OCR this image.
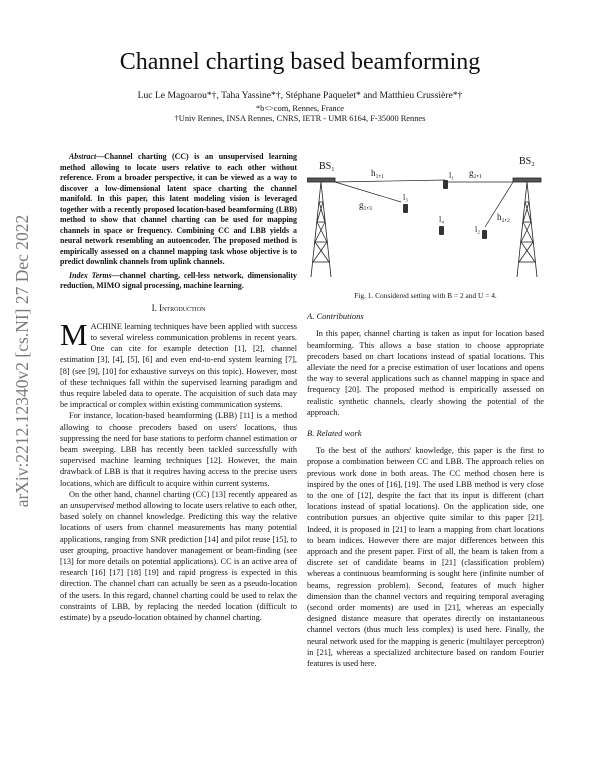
arXiv:2212.12340v2 [cs.NI] 27 Dec 2022
Channel charting based beamforming
Luc Le Magoarou*†, Taha Yassine*†, Stéphane Paquelet* and Matthieu Crussière*†
*b<>com, Rennes, France
†Univ Rennes, INSA Rennes, CNRS, IETR - UMR 6164, F-35000 Rennes

Abstract—Channel charting (CC) is an unsupervised learning method allowing to locate users relative to each other without reference. From a broader perspective, it can be viewed as a way to discover a low-dimensional latent space charting the channel manifold. In this paper, this latent modeling vision is leveraged together with a recently proposed location-based beamforming (LBB) method to show that channel charting can be used for mapping channels in space or frequency. Combining CC and LBB yields a neural network resembling an autoencoder. The proposed method is empirically assessed on a channel mapping task whose objective is to predict downlink channels from uplink channels.

Index Terms—channel charting, cell-less network, dimensionality reduction, MIMO signal processing, machine learning.

I. Introduction

MACHINE learning techniques have been applied with success to several wireless communication problems in recent years. One can cite for example detection [1], [2], channel estimation [3], [4], [5], [6] and even end-to-end system learning [7], [8] (see [9], [10] for exhaustive surveys on this topic). However, most of these techniques fall within the supervised learning paradigm and thus require labeled data to operate. The acquisition of such data may be impractical or complex within existing communication systems.

For instance, location-based beamforming (LBB) [11] is a method allowing to choose precoders based on users' locations, thus suppressing the need for base stations to perform channel estimation or beam sweeping. LBB has recently been tackled successfully with supervised machine learning techniques [12]. However, the main drawback of LBB is that it requires having access to the precise users locations, which are difficult to acquire within current systems.

On the other hand, channel charting (CC) [13] recently appeared as an unsupervised method allowing to locate users relative to each other, based solely on channel knowledge. Predicting this way the relative locations of users from channel measurements has many potential applications, ranging from SNR prediction [14] and pilot reuse [15], to user grouping, proactive handover management or beam-finding (see [13] for more details on potential applications). CC is an active area of research [16] [17] [18] [19] and rapid progress is expected in this direction. The channel chart can actually be seen as a pseudo-location of the users. In this regard, channel charting could be used to relax the constraints of LBB, by replacing the needed location (difficult to estimate) by a pseudo-location obtained by channel charting.

BS₁	BS₂
h₁,₁	g₂,₁
g₁,₃
h₂,₂
l₁
l₄
l₃
l₂
Fig. 1. Considered setting with B = 2 and U = 4.
A. Contributions

In this paper, channel charting is taken as input for location based beamforming. This allows a base station to choose appropriate precoders based on chart locations instead of spatial locations. This alleviate the need for a precise estimation of user locations and opens the way to several applications such as channel mapping in space and frequency [20]. The proposed method is empirically assessed on realistic synthetic channels, clearly showing the potential of the approach.

B. Related work

To the best of the authors' knowledge, this paper is the first to propose a combination between CC and LBB. The approach relies on previous work done in both areas. The CC method chosen here is inspired by the ones of [16], [19]. The used LBB method is very close to the one of [12], despite the fact that its input is different (chart locations instead of spatial locations). On the application side, one contribution pursues an objective quite similar to this paper [21]. Indeed, it is proposed in [21] to learn a mapping from chart locations to beam indices. However there are major differences between this approach and the present paper. First of all, the beam is taken from a discrete set of candidate beams in [21] (classification problem) whereas a continuous beamforming is sought here (infinite number of beams, regression problem). Second, features of much higher dimension than the channel vectors and requiring temporal averaging (second order moments) are used in [21], whereas an especially designed distance measure that operates directly on instantaneous channel vectors (thus much less complex) is used here. Finally, the neural network used for the mapping is generic (multilayer perceptron) in [21], whereas a specialized architecture based on random Fourier features is used here.
